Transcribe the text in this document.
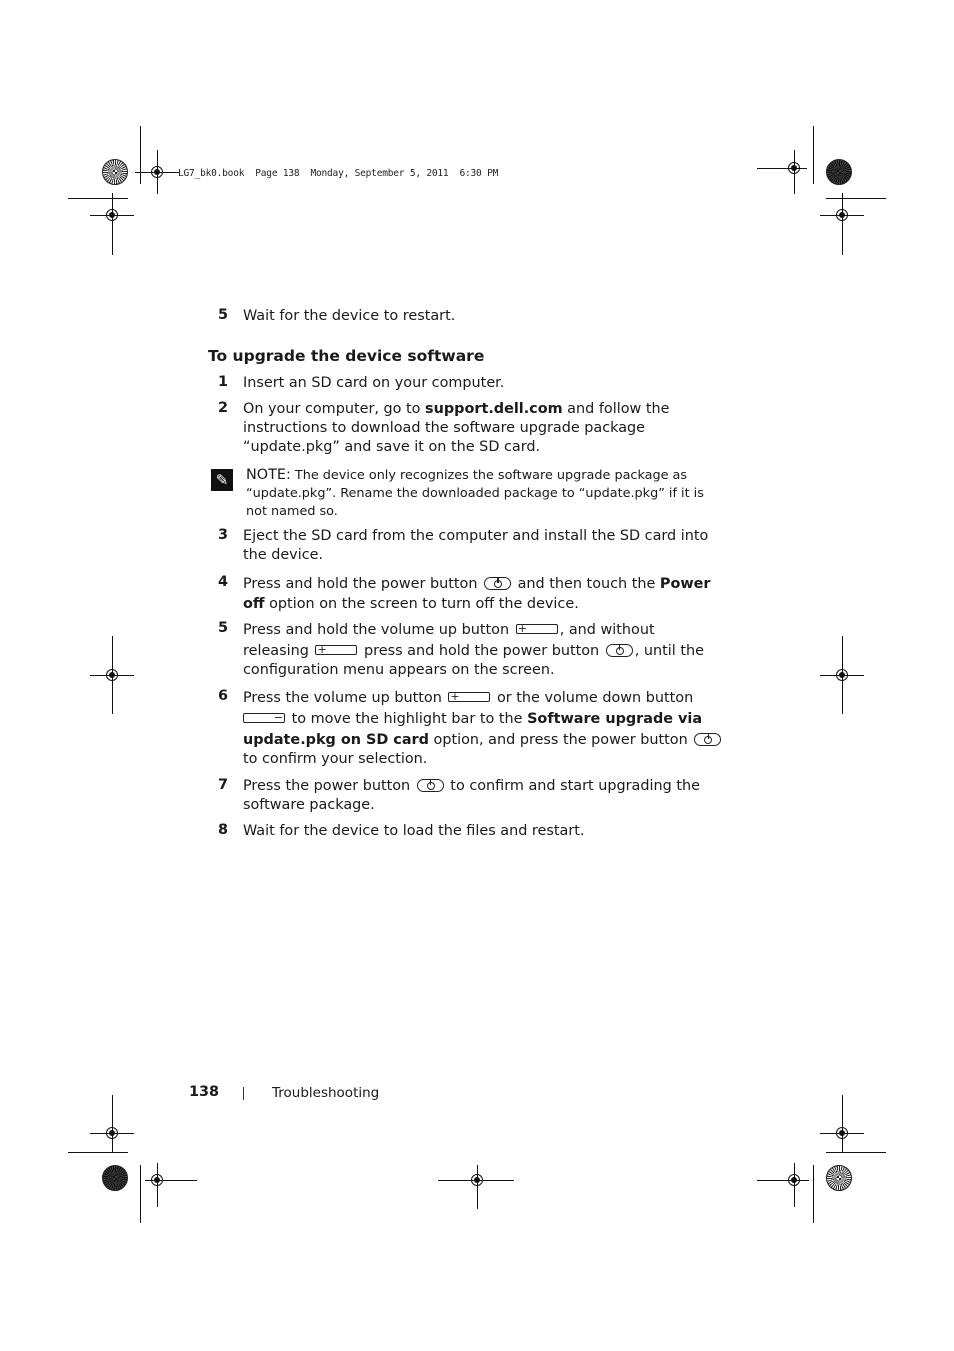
LG7_bk0.book  Page 138  Monday, September 5, 2011  6:30 PM
5 Wait for the device to restart.
To upgrade the device software
1 Insert an SD card on your computer.
2 On your computer, go to support.dell.com and follow the
instructions to download the software upgrade package
“update.pkg” and save it on the SD card.
✎	NOTE: The device only recognizes the software upgrade package as
“update.pkg”. Rename the downloaded package to “update.pkg” if it is
not named so.
3 Eject the SD card from the computer and install the SD card into
the device.
4 Press and hold the power button  and then touch the Power
off option on the screen to turn off the device.
5 Press and hold the volume up button +	, and without
releasing +	press and hold the power button , until the
configuration menu appears on the screen.
6 Press the volume up button +	or the volume down button
− to move the highlight bar to the Software upgrade via
update.pkg on SD card option, and press the power button
to confirm your selection.
7 Press the power button  to confirm and start upgrading the
software package.
8 Wait for the device to load the files and restart.
138	Troubleshooting
